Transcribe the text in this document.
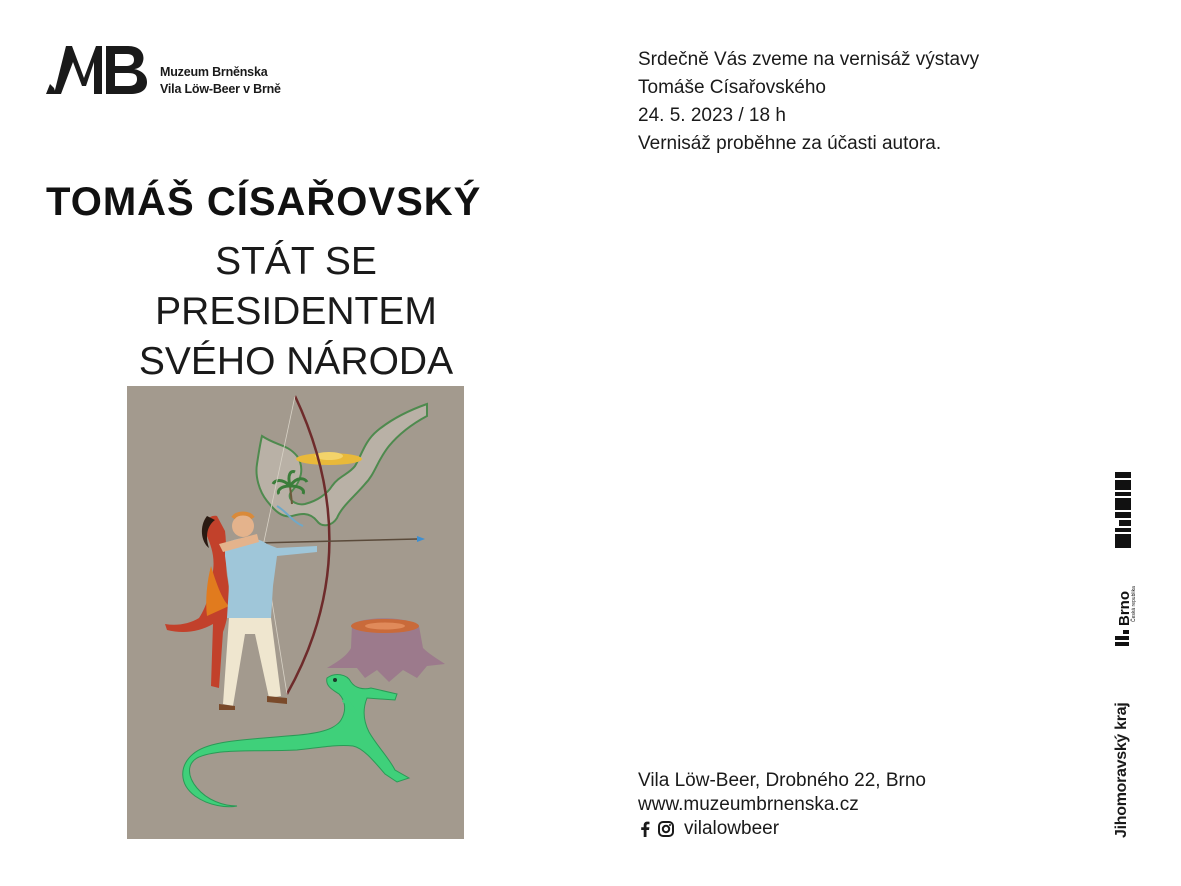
Muzeum Brněnska
Vila Löw-Beer v Brně
TOMÁŠ CÍSAŘOVSKÝ
STÁT SE
PRESIDENTEM
SVÉHO NÁRODA
Srdečně Vás zveme na vernisáž výstavy
Tomáše Císařovského
24. 5. 2023 / 18 h
Vernisáž proběhne za účasti autora.
Vila Löw-Beer, Drobného 22, Brno
www.muzeumbrnenska.cz
vilalowbeer
Brno
Česká republika
Jihomoravský kraj
